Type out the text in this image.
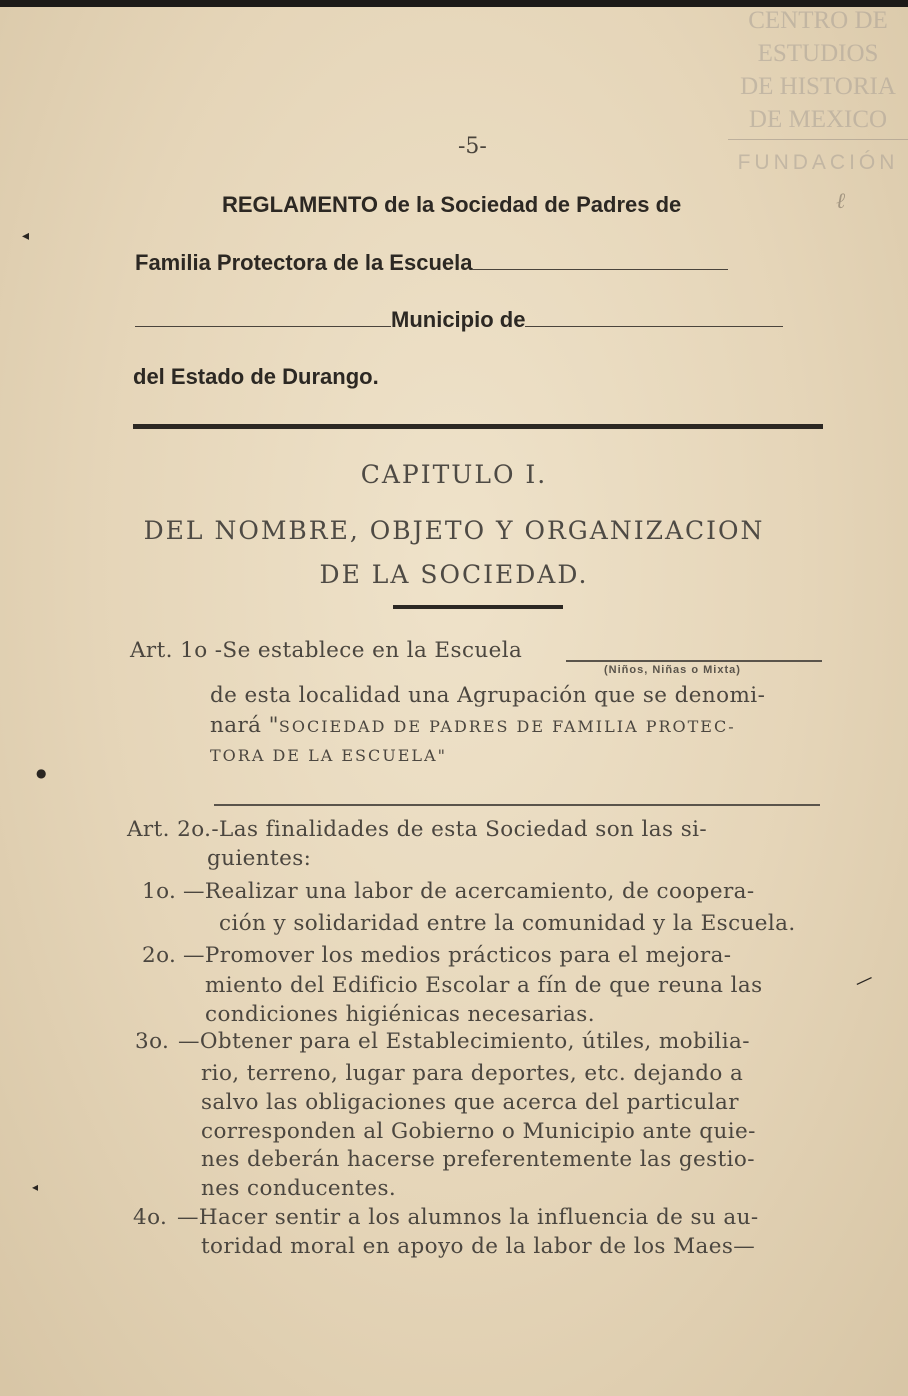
CENTRO DE
ESTUDIOS
DE HISTORIA
DE MEXICO
FUNDACIÓN
-5-
REGLAMENTO de la Sociedad de Padres de
Familia Protectora de la Escuela
Municipio de
del Estado de Durango.
CAPITULO I.
DEL NOMBRE, OBJETO Y ORGANIZACION
DE LA SOCIEDAD.
Art. 1o -Se establece en la Escuela
(Niños, Niñas o Mixta)
de esta localidad una Agrupación que se denomi-
nará "SOCIEDAD DE PADRES DE FAMILIA PROTEC-
TORA DE LA ESCUELA"
Art. 2o.-Las finalidades de esta Sociedad son las si-
guientes:
1o. —Realizar una labor de acercamiento, de coopera-
ción y solidaridad entre la comunidad y la Escuela.
2o. —Promover los medios prácticos para el mejora-
miento del Edificio Escolar a fín de que reuna las
condiciones higiénicas necesarias.
3o. —Obtener para el Establecimiento, útiles, mobilia-
rio, terreno, lugar para deportes, etc. dejando a
salvo las obligaciones que acerca del particular
corresponden al Gobierno o Municipio ante quie-
nes deberán hacerse preferentemente las gestio-
nes conducentes.
4o. —Hacer sentir a los alumnos la influencia de su au-
toridad moral en apoyo de la labor de los Maes—
◂
●
◂
—
ℓ
